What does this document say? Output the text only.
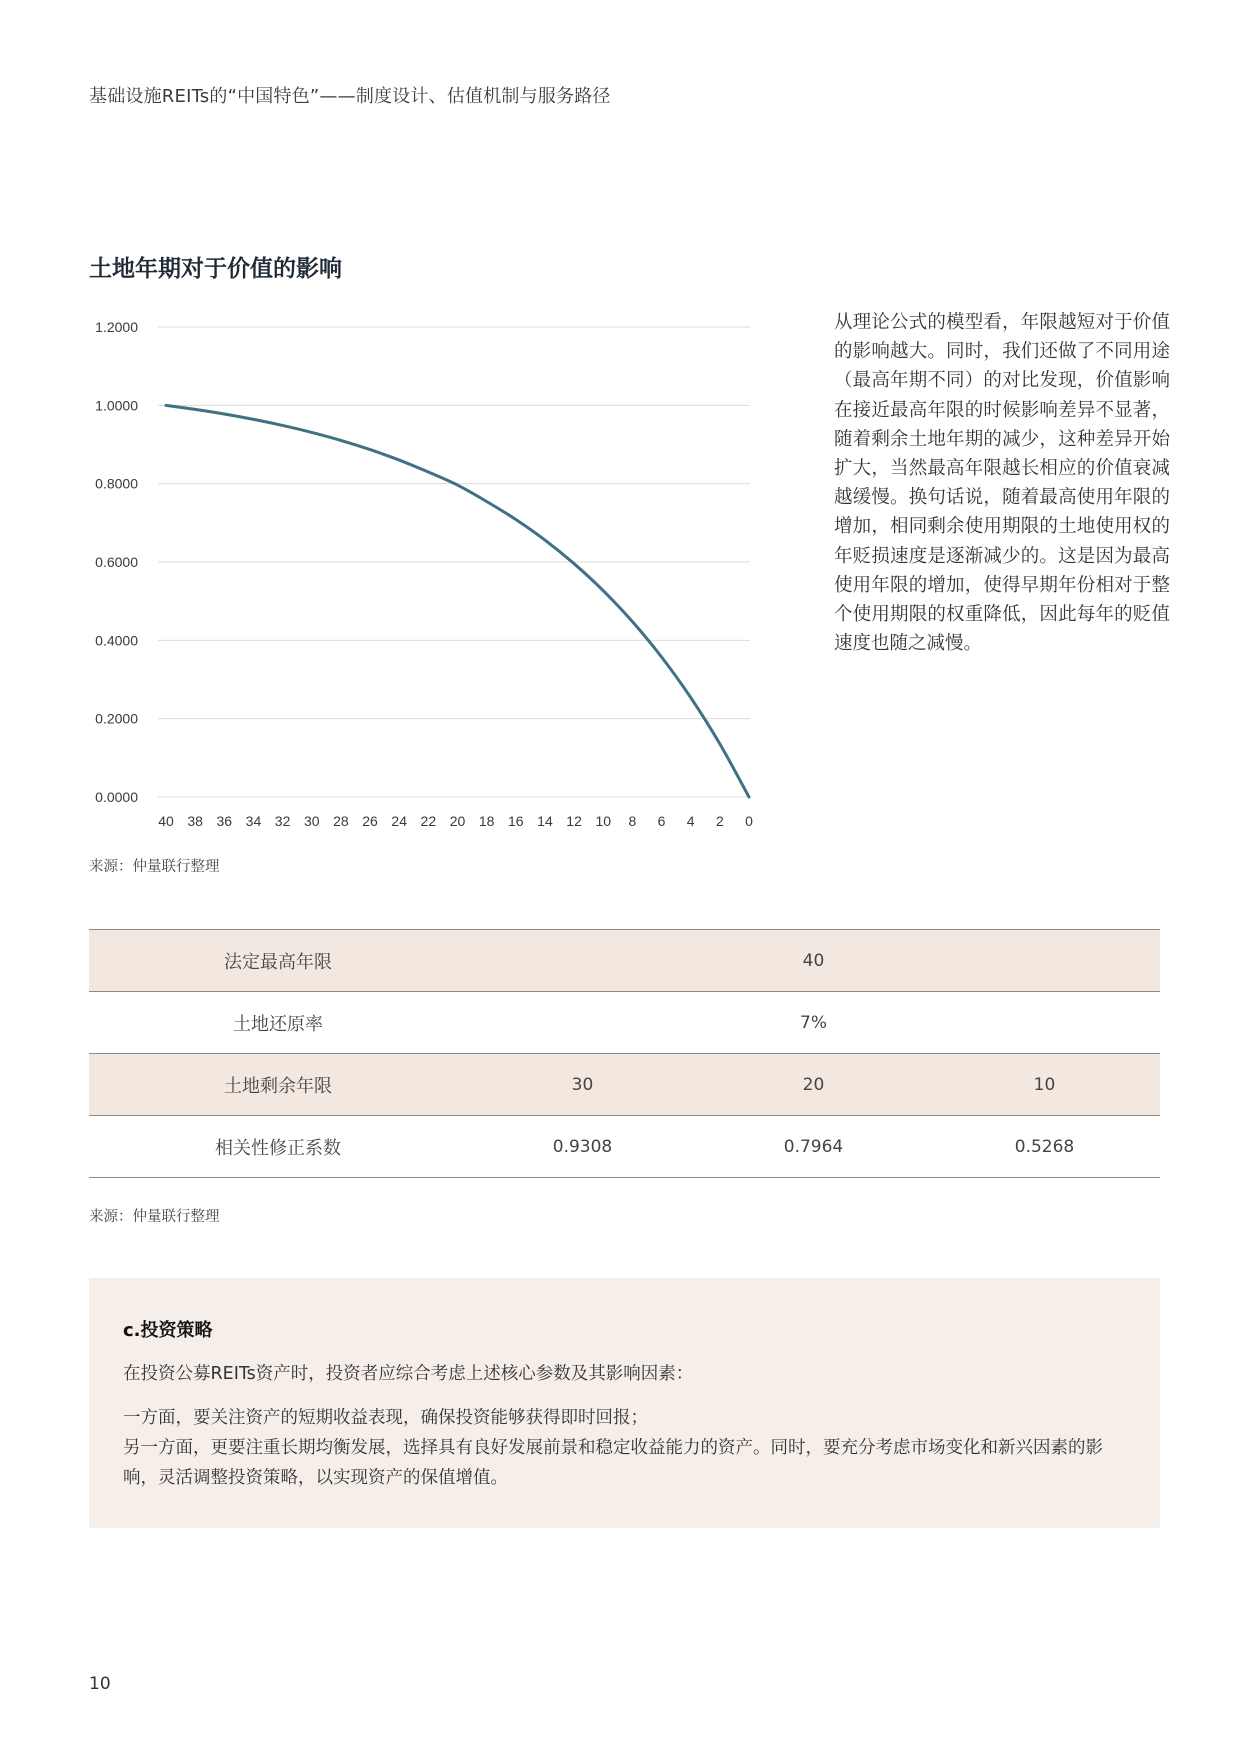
基础设施REITs的“中国特色”——制度设计、估值机制与服务路径
土地年期对于价值的影响
0.0000
0.2000
0.4000
0.6000
0.8000
1.0000
1.2000
40 38 36 34 32 30 28 26 24 22 20 18 16 14 12 10 8 6 4 2 0
来源：仲量联行整理
从理论公式的模型看，年限越短对于价值的影响越大。同时，我们还做了不同用途（最高年期不同）的对比发现，价值影响在接近最高年限的时候影响差异不显著，随着剩余土地年期的减少，这种差异开始扩大，当然最高年限越长相应的价值衰减越缓慢。换句话说，随着最高使用年限的增加，相同剩余使用期限的土地使用权的年贬损速度是逐渐减少的。这是因为最高使用年限的增加，使得早期年份相对于整个使用期限的权重降低，因此每年的贬值速度也随之减慢。
法定最高年限	40		
土地还原率	7%		
土地剩余年限	30	20	10
相关性修正系数	0.9308	0.7964	0.5268
来源：仲量联行整理
c.投资策略
在投资公募REITs资产时，投资者应综合考虑上述核心参数及其影响因素：
一方面，要关注资产的短期收益表现，确保投资能够获得即时回报；
另一方面，更要注重长期均衡发展，选择具有良好发展前景和稳定收益能力的资产。同时，要充分考虑市场变化和新兴因素的影响，灵活调整投资策略，以实现资产的保值增值。
10
